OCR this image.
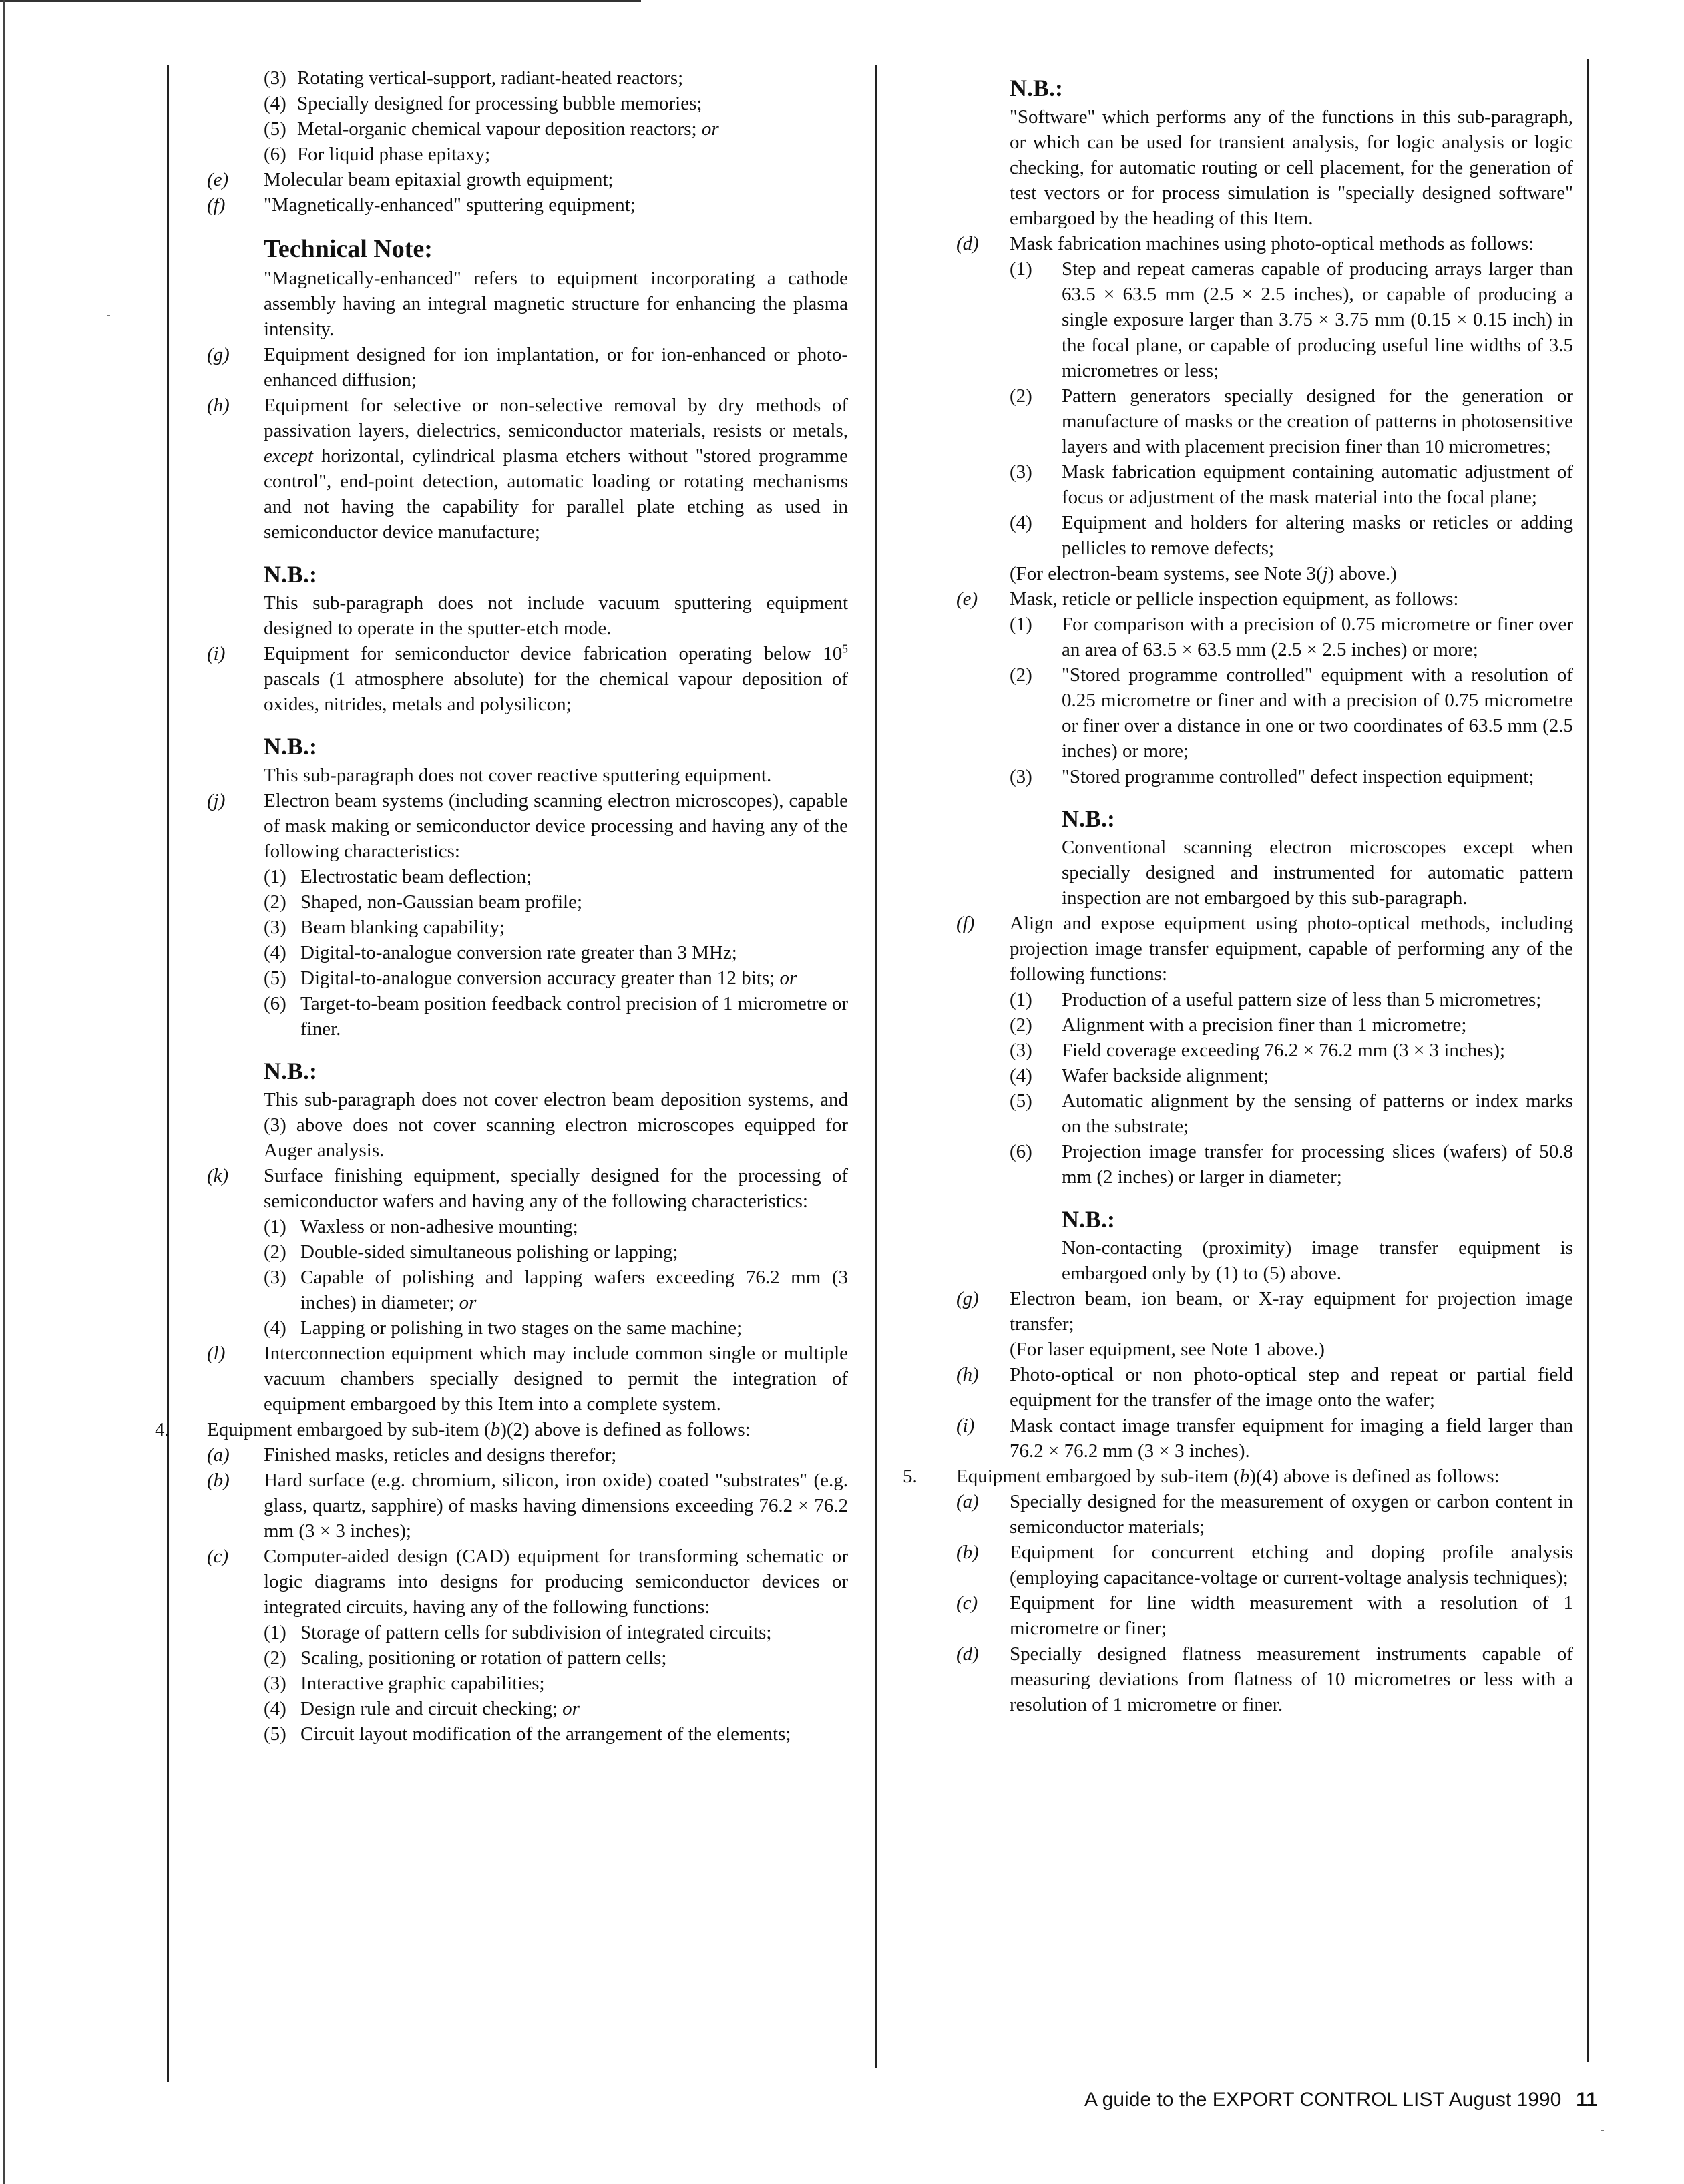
(3) Rotating vertical-support, radiant-heated reactors;
(4) Specially designed for processing bubble memories;
(5) Metal-organic chemical vapour deposition reactors; or
(6) For liquid phase epitaxy;
(e)	Molecular beam epitaxial growth equipment;
(f)	"Magnetically-enhanced" sputtering equipment;
Technical Note:
"Magnetically-enhanced" refers to equipment incorporating a cathode assembly having an integral magnetic structure for enhancing the plasma intensity.
(g)	Equipment designed for ion implantation, or for ion-enhanced or photo-enhanced diffusion;
(h)	Equipment for selective or non-selective removal by dry methods of passivation layers, dielectrics, semiconductor materials, resists or metals, except horizontal, cylindrical plasma etchers without "stored programme control", end-point detection, automatic loading or rotating mechanisms and not having the capability for parallel plate etching as used in semiconductor device manufacture;
N.B.:
This sub-paragraph does not include vacuum sputtering equipment designed to operate in the sputter-etch mode.
(i)	Equipment for semiconductor device fabrication operating below $10^5$ pascals (1 atmosphere absolute) for the chemical vapour deposition of oxides, nitrides, metals and polysilicon;
N.B.:
This sub-paragraph does not cover reactive sputtering equipment.
(j)	Electron beam systems (including scanning electron microscopes), capable of mask making or semiconductor device processing and having any of the following characteristics:
(1) Electrostatic beam deflection;
(2) Shaped, non-Gaussian beam profile;
(3) Beam blanking capability;
(4) Digital-to-analogue conversion rate greater than 3 MHz;
(5) Digital-to-analogue conversion accuracy greater than 12 bits; or
(6) Target-to-beam position feedback control precision of 1 micrometre or finer.
N.B.:
This sub-paragraph does not cover electron beam deposition systems, and (3) above does not cover scanning electron microscopes equipped for Auger analysis.
(k)	Surface finishing equipment, specially designed for the processing of semiconductor wafers and having any of the following characteristics:
(1) Waxless or non-adhesive mounting;
(2) Double-sided simultaneous polishing or lapping;
(3) Capable of polishing and lapping wafers exceeding 76.2 mm (3 inches) in diameter; or
(4) Lapping or polishing in two stages on the same machine;
(l)	Interconnection equipment which may include common single or multiple vacuum chambers specially designed to permit the integration of equipment embargoed by this Item into a complete system.
4.	Equipment embargoed by sub-item (b)(2) above is defined as follows:
(a)	Finished masks, reticles and designs therefor;
(b)	Hard surface (e.g. chromium, silicon, iron oxide) coated "substrates" (e.g. glass, quartz, sapphire) of masks having dimensions exceeding 76.2 × 76.2 mm (3 × 3 inches);
(c)	Computer-aided design (CAD) equipment for transforming schematic or logic diagrams into designs for producing semiconductor devices or integrated circuits, having any of the following functions:
(1) Storage of pattern cells for subdivision of integrated circuits;
(2) Scaling, positioning or rotation of pattern cells;
(3) Interactive graphic capabilities;
(4) Design rule and circuit checking; or
(5) Circuit layout modification of the arrangement of the elements;
N.B.:
"Software" which performs any of the functions in this sub-paragraph, or which can be used for transient analysis, for logic analysis or logic checking, for automatic routing or cell placement, for the generation of test vectors or for process simulation is "specially designed software" embargoed by the heading of this Item.
(d)	Mask fabrication machines using photo-optical methods as follows:
(1)	Step and repeat cameras capable of producing arrays larger than 63.5 × 63.5 mm (2.5 × 2.5 inches), or capable of producing a single exposure larger than 3.75 × 3.75 mm (0.15 × 0.15 inch) in the focal plane, or capable of producing useful line widths of 3.5 micrometres or less;
(2)	Pattern generators specially designed for the generation or manufacture of masks or the creation of patterns in photosensitive layers and with placement precision finer than 10 micrometres;
(3)	Mask fabrication equipment containing automatic adjustment of focus or adjustment of the mask material into the focal plane;
(4)	Equipment and holders for altering masks or reticles or adding pellicles to remove defects;
(For electron-beam systems, see Note 3(j) above.)
(e)	Mask, reticle or pellicle inspection equipment, as follows:
(1)	For comparison with a precision of 0.75 micrometre or finer over an area of 63.5 × 63.5 mm (2.5 × 2.5 inches) or more;
(2)	"Stored programme controlled" equipment with a resolution of 0.25 micrometre or finer and with a precision of 0.75 micrometre or finer over a distance in one or two coordinates of 63.5 mm (2.5 inches) or more;
(3)	"Stored programme controlled" defect inspection equipment;
N.B.:
Conventional scanning electron microscopes except when specially designed and instrumented for automatic pattern inspection are not embargoed by this sub-paragraph.
(f)	Align and expose equipment using photo-optical methods, including projection image transfer equipment, capable of performing any of the following functions:
(1)	Production of a useful pattern size of less than 5 micrometres;
(2)	Alignment with a precision finer than 1 micrometre;
(3)	Field coverage exceeding 76.2 × 76.2 mm (3 × 3 inches);
(4)	Wafer backside alignment;
(5)	Automatic alignment by the sensing of patterns or index marks on the substrate;
(6)	Projection image transfer for processing slices (wafers) of 50.8 mm (2 inches) or larger in diameter;
N.B.:
Non-contacting (proximity) image transfer equipment is embargoed only by (1) to (5) above.
(g)	Electron beam, ion beam, or X-ray equipment for projection image transfer;
(For laser equipment, see Note 1 above.)
(h)	Photo-optical or non photo-optical step and repeat or partial field equipment for the transfer of the image onto the wafer;
(i)	Mask contact image transfer equipment for imaging a field larger than 76.2 × 76.2 mm (3 × 3 inches).
5.	Equipment embargoed by sub-item (b)(4) above is defined as follows:
(a)	Specially designed for the measurement of oxygen or carbon content in semiconductor materials;
(b)	Equipment for concurrent etching and doping profile analysis (employing capacitance-voltage or current-voltage analysis techniques);
(c)	Equipment for line width measurement with a resolution of 1 micrometre or finer;
(d)	Specially designed flatness measurement instruments capable of measuring deviations from flatness of 10 micrometres or less with a resolution of 1 micrometre or finer.
A guide to the EXPORT CONTROL LIST August 1990 11
